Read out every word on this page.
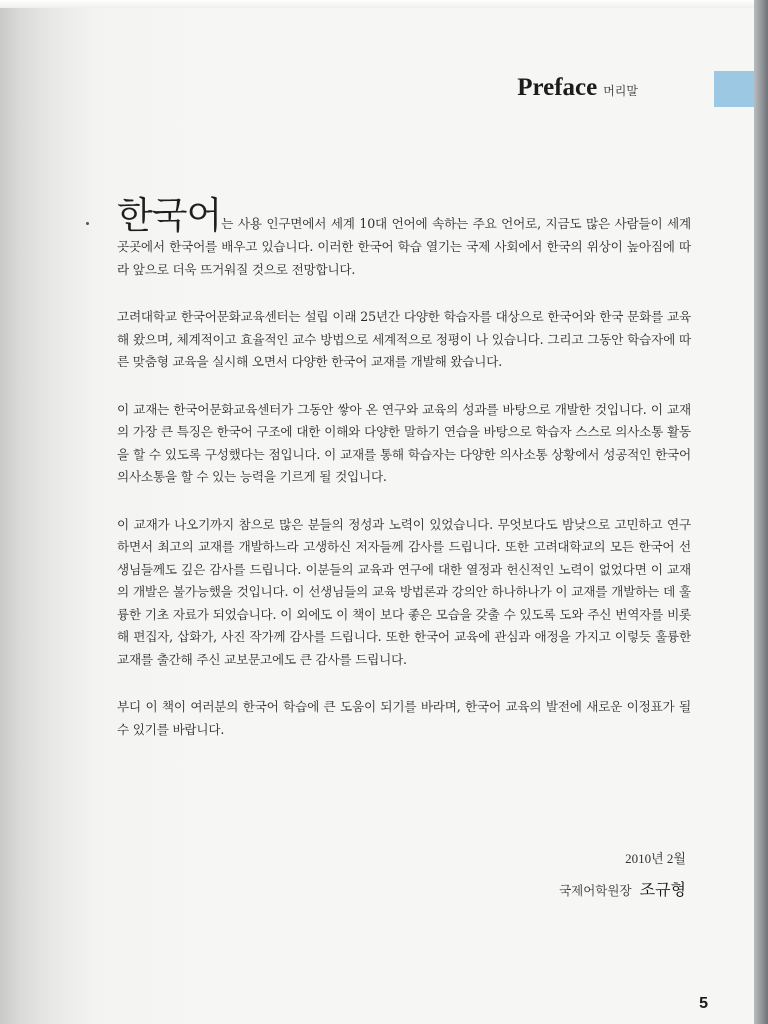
Preface 머리말

한국어는 사용 인구면에서 세계 10대 언어에 속하는 주요 언어로, 지금도 많은 사람들이 세계 곳곳에서 한국어를 배우고 있습니다. 이러한 한국어 학습 열기는 국제 사회에서 한국의 위상이 높아짐에 따라 앞으로 더욱 뜨거워질 것으로 전망합니다.

고려대학교 한국어문화교육센터는 설립 이래 25년간 다양한 학습자를 대상으로 한국어와 한국 문화를 교육해 왔으며, 체계적이고 효율적인 교수 방법으로 세계적으로 정평이 나 있습니다. 그리고 그동안 학습자에 따른 맞춤형 교육을 실시해 오면서 다양한 한국어 교재를 개발해 왔습니다.

이 교재는 한국어문화교육센터가 그동안 쌓아 온 연구와 교육의 성과를 바탕으로 개발한 것입니다. 이 교재의 가장 큰 특징은 한국어 구조에 대한 이해와 다양한 말하기 연습을 바탕으로 학습자 스스로 의사소통 활동을 할 수 있도록 구성했다는 점입니다. 이 교재를 통해 학습자는 다양한 의사소통 상황에서 성공적인 한국어 의사소통을 할 수 있는 능력을 기르게 될 것입니다.

이 교재가 나오기까지 참으로 많은 분들의 정성과 노력이 있었습니다. 무엇보다도 밤낮으로 고민하고 연구하면서 최고의 교재를 개발하느라 고생하신 저자들께 감사를 드립니다. 또한 고려대학교의 모든 한국어 선생님들께도 깊은 감사를 드립니다. 이분들의 교육과 연구에 대한 열정과 헌신적인 노력이 없었다면 이 교재의 개발은 불가능했을 것입니다. 이 선생님들의 교육 방법론과 강의안 하나하나가 이 교재를 개발하는 데 훌륭한 기초 자료가 되었습니다. 이 외에도 이 책이 보다 좋은 모습을 갖출 수 있도록 도와 주신 번역자를 비롯해 편집자, 삽화가, 사진 작가께 감사를 드립니다. 또한 한국어 교육에 관심과 애정을 가지고 이렇듯 훌륭한 교재를 출간해 주신 교보문고에도 큰 감사를 드립니다.

부디 이 책이 여러분의 한국어 학습에 큰 도움이 되기를 바라며, 한국어 교육의 발전에 새로운 이정표가 될 수 있기를 바랍니다.

2010년 2월
국제어학원장 조규형
5
